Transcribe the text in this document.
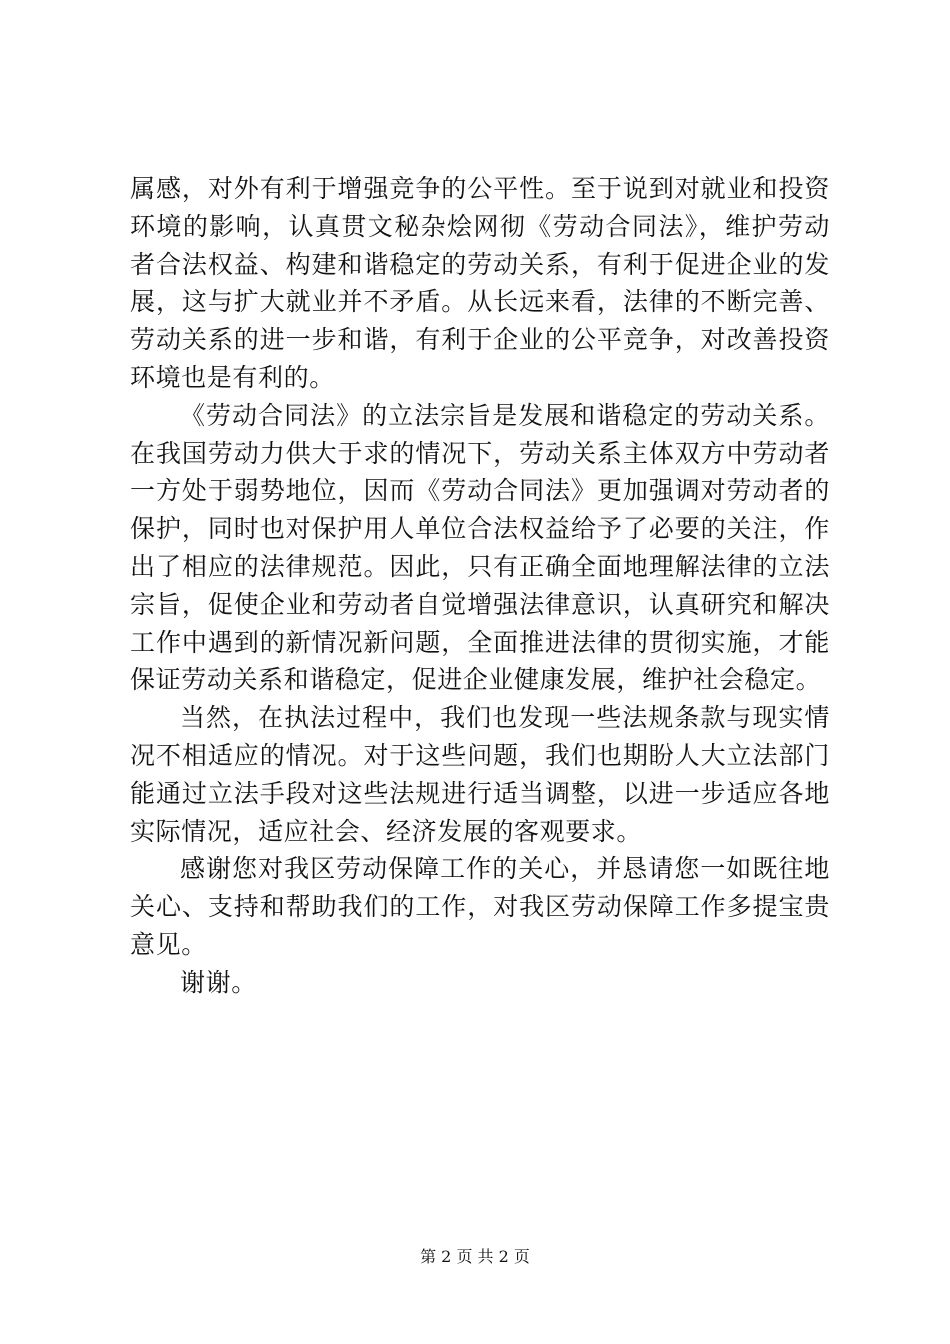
属感，对外有利于增强竞争的公平性。至于说到对就业和投资环境的影响，认真贯文秘杂烩网彻《劳动合同法》，维护劳动者合法权益、构建和谐稳定的劳动关系，有利于促进企业的发展，这与扩大就业并不矛盾。从长远来看，法律的不断完善、劳动关系的进一步和谐，有利于企业的公平竞争，对改善投资环境也是有利的。

《劳动合同法》的立法宗旨是发展和谐稳定的劳动关系。在我国劳动力供大于求的情况下，劳动关系主体双方中劳动者一方处于弱势地位，因而《劳动合同法》更加强调对劳动者的保护，同时也对保护用人单位合法权益给予了必要的关注，作出了相应的法律规范。因此，只有正确全面地理解法律的立法宗旨，促使企业和劳动者自觉增强法律意识，认真研究和解决工作中遇到的新情况新问题，全面推进法律的贯彻实施，才能保证劳动关系和谐稳定，促进企业健康发展，维护社会稳定。

当然，在执法过程中，我们也发现一些法规条款与现实情况不相适应的情况。对于这些问题，我们也期盼人大立法部门能通过立法手段对这些法规进行适当调整，以进一步适应各地实际情况，适应社会、经济发展的客观要求。

感谢您对我区劳动保障工作的关心，并恳请您一如既往地关心、支持和帮助我们的工作，对我区劳动保障工作多提宝贵意见。

谢谢。

第 2 页 共 2 页
